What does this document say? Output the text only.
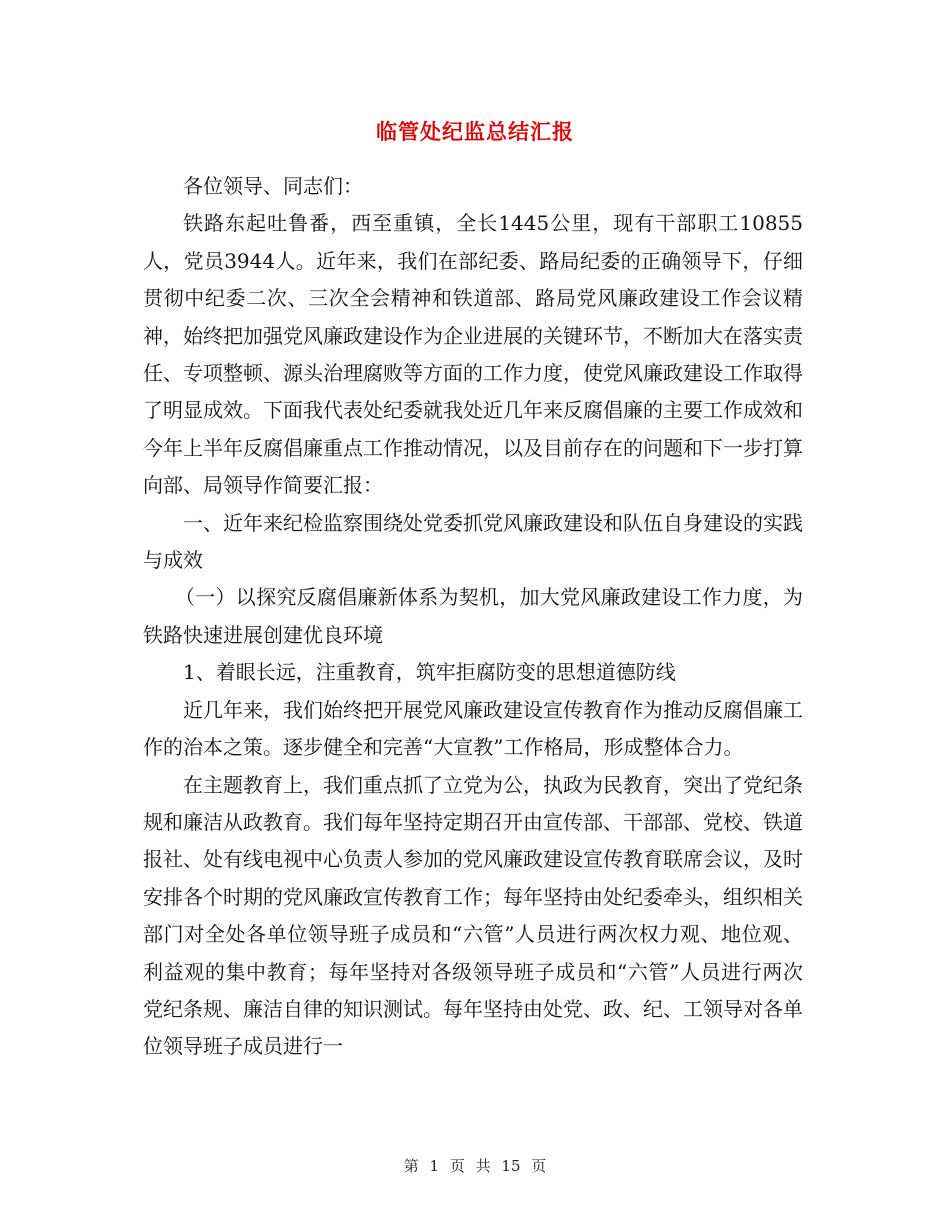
临管处纪监总结汇报

各位领导、同志们：

铁路东起吐鲁番，西至重镇，全长1445公里，现有干部职工10855人，党员3944人。近年来，我们在部纪委、路局纪委的正确领导下，仔细贯彻中纪委二次、三次全会精神和铁道部、路局党风廉政建设工作会议精神，始终把加强党风廉政建设作为企业进展的关键环节，不断加大在落实责任、专项整顿、源头治理腐败等方面的工作力度，使党风廉政建设工作取得了明显成效。下面我代表处纪委就我处近几年来反腐倡廉的主要工作成效和今年上半年反腐倡廉重点工作推动情况，以及目前存在的问题和下一步打算向部、局领导作简要汇报：

一、近年来纪检监察围绕处党委抓党风廉政建设和队伍自身建设的实践与成效

（一）以探究反腐倡廉新体系为契机，加大党风廉政建设工作力度，为铁路快速进展创建优良环境

1、着眼长远，注重教育，筑牢拒腐防变的思想道德防线

近几年来，我们始终把开展党风廉政建设宣传教育作为推动反腐倡廉工作的治本之策。逐步健全和完善“大宣教”工作格局，形成整体合力。

在主题教育上，我们重点抓了立党为公，执政为民教育，突出了党纪条规和廉洁从政教育。我们每年坚持定期召开由宣传部、干部部、党校、铁道报社、处有线电视中心负责人参加的党风廉政建设宣传教育联席会议，及时安排各个时期的党风廉政宣传教育工作；每年坚持由处纪委牵头，组织相关部门对全处各单位领导班子成员和“六管”人员进行两次权力观、地位观、利益观的集中教育；每年坚持对各级领导班子成员和“六管”人员进行两次党纪条规、廉洁自律的知识测试。每年坚持由处党、政、纪、工领导对各单位领导班子成员进行一

第 1 页 共 15 页
